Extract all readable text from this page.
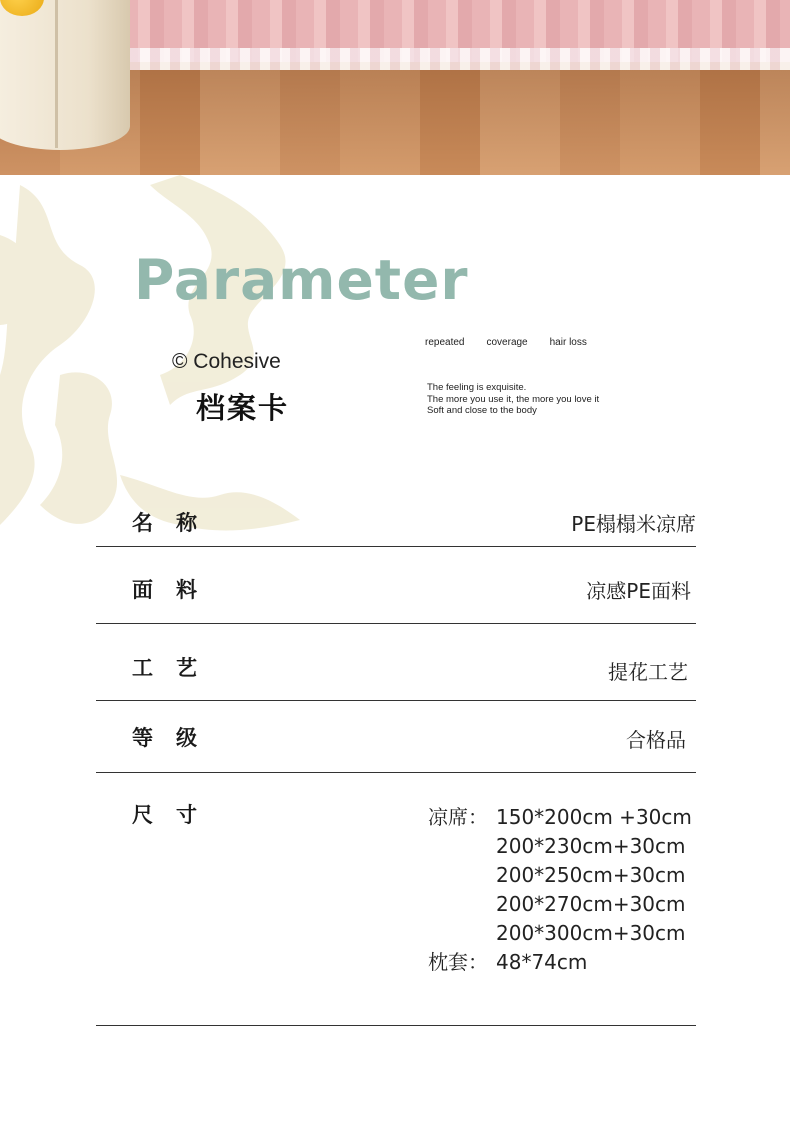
Parameter
© Cohesive
档案卡
repeated coverage hair loss
The feeling is exquisite.
The more you use it, the more you love it
Soft and close to the body
名称	PE榻榻米凉席
面料	凉感PE面料
工艺	提花工艺
等级	合格品
尺寸	凉席： 150*200cm +30cm
200*230cm+30cm
200*250cm+30cm
200*270cm+30cm
200*300cm+30cm
枕套： 48*74cm
